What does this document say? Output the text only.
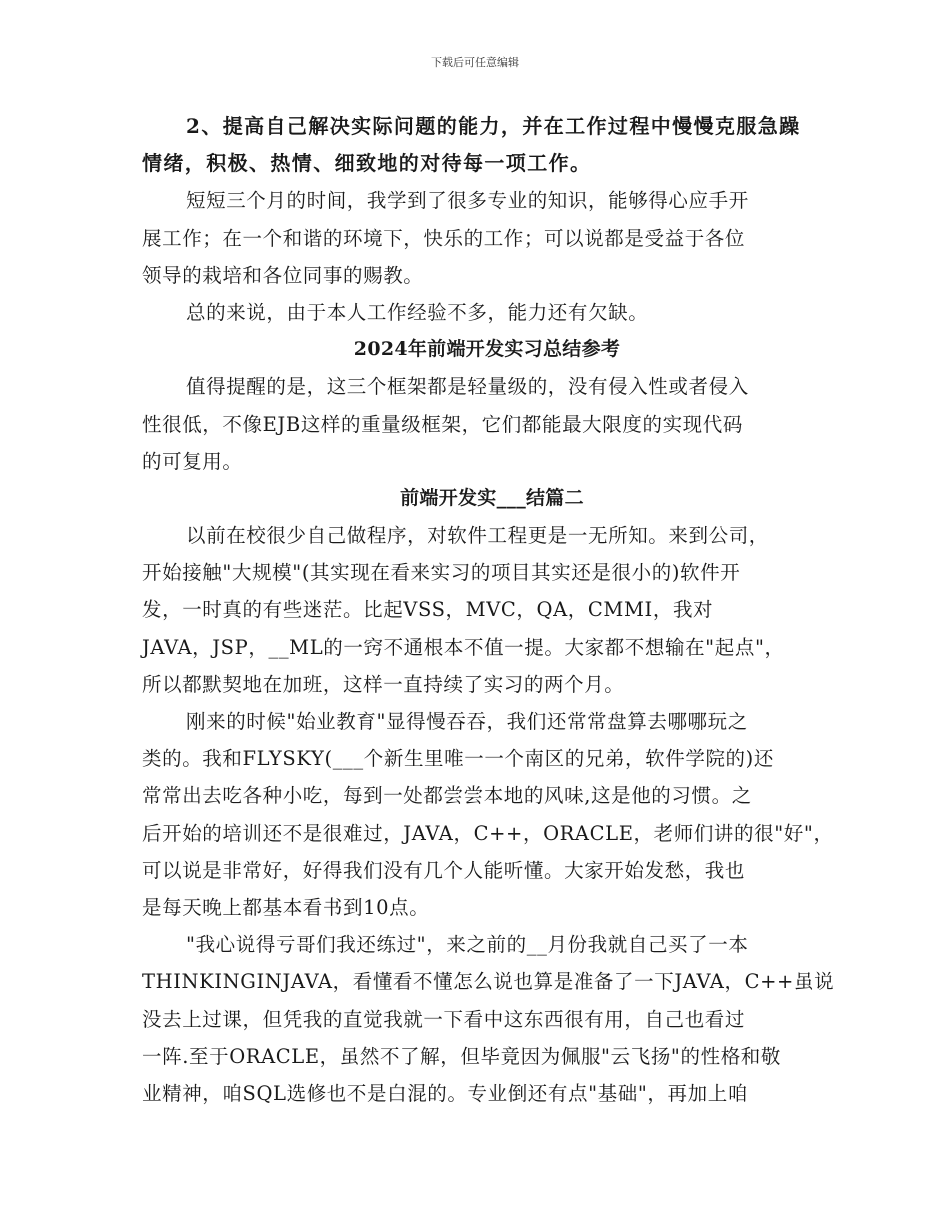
下载后可任意编辑
2、提高自己解决实际问题的能力，并在工作过程中慢慢克服急躁
情绪，积极、热情、细致地的对待每一项工作。
短短三个月的时间，我学到了很多专业的知识，能够得心应手开
展工作；在一个和谐的环境下，快乐的工作；可以说都是受益于各位
领导的栽培和各位同事的赐教。
总的来说，由于本人工作经验不多，能力还有欠缺。
2024年前端开发实习总结参考
值得提醒的是，这三个框架都是轻量级的，没有侵入性或者侵入
性很低，不像EJB这样的重量级框架，它们都能最大限度的实现代码
的可复用。
前端开发实___结篇二
以前在校很少自己做程序，对软件工程更是一无所知。来到公司，
开始接触"大规模"(其实现在看来实习的项目其实还是很小的)软件开
发，一时真的有些迷茫。比起VSS，MVC，QA，CMMI，我对
JAVA，JSP，__ML的一窍不通根本不值一提。大家都不想输在"起点"，
所以都默契地在加班，这样一直持续了实习的两个月。
刚来的时候"始业教育"显得慢吞吞，我们还常常盘算去哪哪玩之
类的。我和FLYSKY(___个新生里唯一一个南区的兄弟，软件学院的)还
常常出去吃各种小吃，每到一处都尝尝本地的风味,这是他的习惯。之
后开始的培训还不是很难过，JAVA，C++，ORACLE，老师们讲的很"好"，
可以说是非常好，好得我们没有几个人能听懂。大家开始发愁，我也
是每天晚上都基本看书到10点。
"我心说得亏哥们我还练过"，来之前的__月份我就自己买了一本
THINKINGINJAVA，看懂看不懂怎么说也算是准备了一下JAVA，C++虽说
没去上过课，但凭我的直觉我就一下看中这东西很有用，自己也看过
一阵.至于ORACLE，虽然不了解，但毕竟因为佩服"云飞扬"的性格和敬
业精神，咱SQL选修也不是白混的。专业倒还有点"基础"，再加上咱
